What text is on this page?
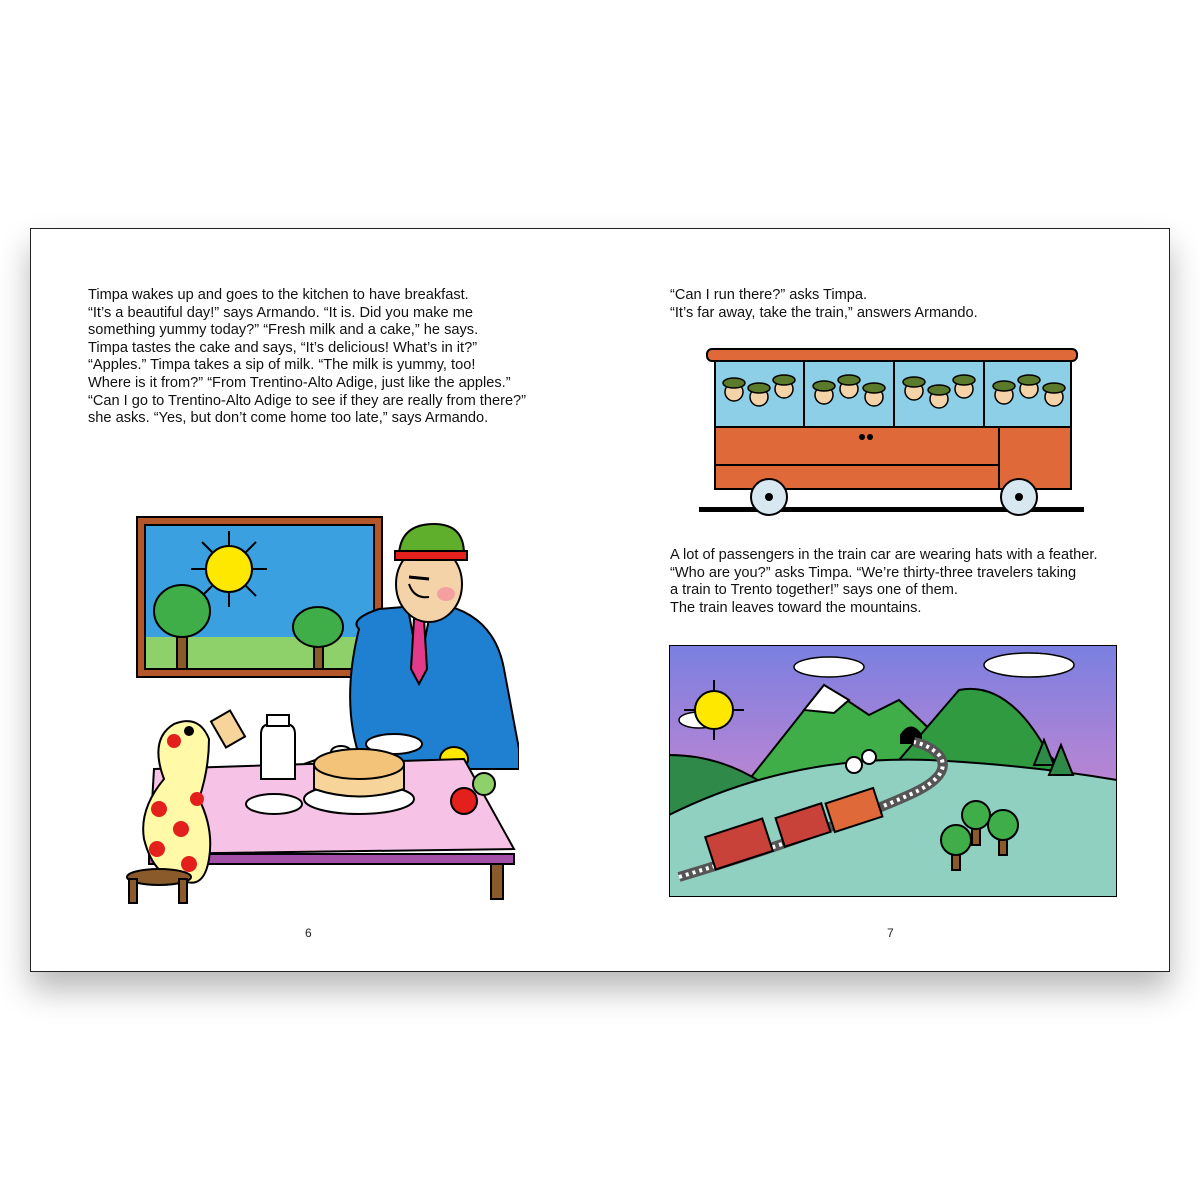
Timpa wakes up and goes to the kitchen to have breakfast.
“It’s a beautiful day!” says Armando. “It is. Did you make me
something yummy today?” “Fresh milk and a cake,” he says.
Timpa tastes the cake and says, “It’s delicious! What’s in it?”
“Apples.” Timpa takes a sip of milk. “The milk is yummy, too!
Where is it from?” “From Trentino-Alto Adige, just like the apples.”
“Can I go to Trentino-Alto Adige to see if they are really from there?”
she asks. “Yes, but don’t come home too late,” says Armando.
6
“Can I run there?” asks Timpa.
“It’s far away, take the train,” answers Armando.
A lot of passengers in the train car are wearing hats with a feather.
“Who are you?” asks Timpa. “We’re thirty-three travelers taking
a train to Trento together!” says one of them.
The train leaves toward the mountains.
7
